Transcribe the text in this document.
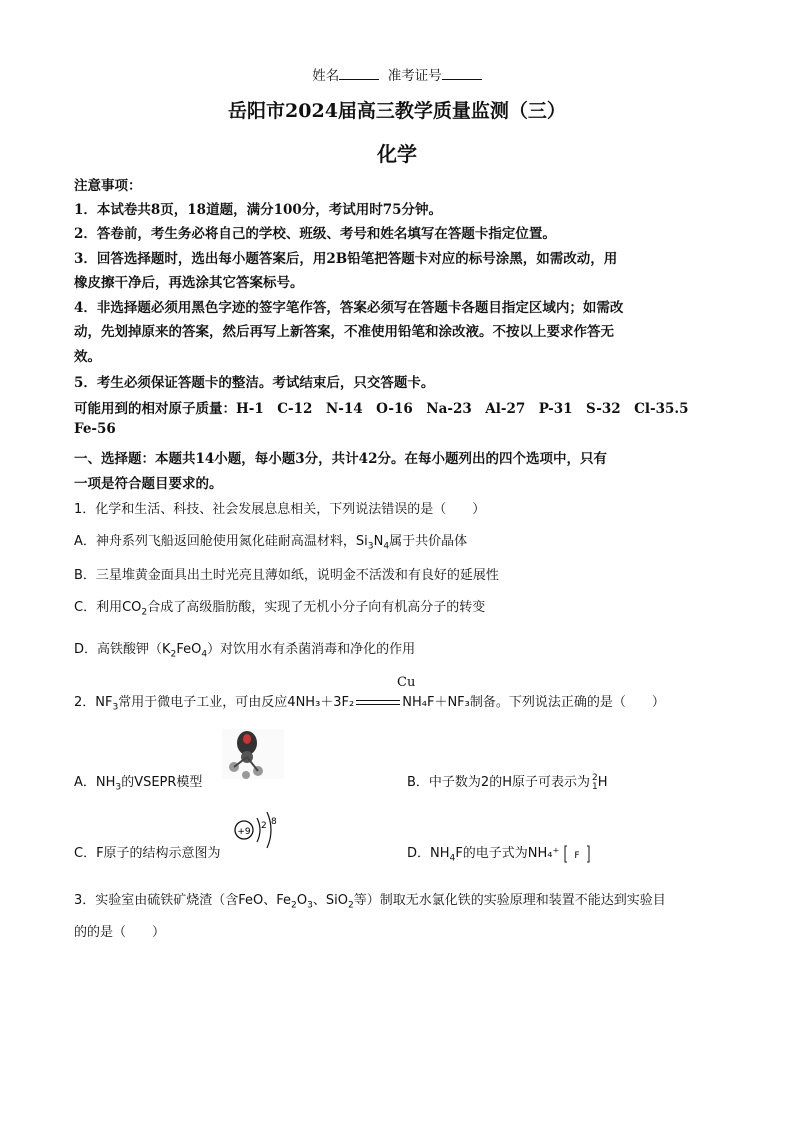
姓名	准考证号
岳阳市2024届高三教学质量监测（三）
化学
注意事项：
1．本试卷共8页，18道题，满分100分，考试用时75分钟。
2．答卷前，考生务必将自己的学校、班级、考号和姓名填写在答题卡指定位置。
3．回答选择题时，选出每小题答案后，用2B铅笔把答题卡对应的标号涂黑，如需改动，用
橡皮擦干净后，再选涂其它答案标号。
4．非选择题必须用黑色字迹的签字笔作答，答案必须写在答题卡各题目指定区域内；如需改
动，先划掉原来的答案，然后再写上新答案，不准使用铅笔和涂改液。不按以上要求作答无
效。
5．考生必须保证答题卡的整洁。考试结束后，只交答题卡。
可能用到的相对原子质量：H-1　C-12　N-14　O-16　Na-23　Al-27　P-31　S-32　Cl-35.5
Fe-56
一、选择题：本题共14小题，每小题3分，共计42分。在每小题列出的四个选项中，只有
一项是符合题目要求的。
1．化学和生活、科技、社会发展息息相关，下列说法错误的是（　　）
A．神舟系列飞船返回舱使用氮化硅耐高温材料，$Si_3N_4$属于共价晶体
B．三星堆黄金面具出土时光亮且薄如纸，说明金不活泼和有良好的延展性
C．利用$CO_2$合成了高级脂肪酸，实现了无机小分子向有机高分子的转变
D．高铁酸钾$(K_2FeO_4)$对饮用水有杀菌消毒和净化的作用
Cu
2．$NF_3$常用于微电子工业，可由反应4NH₃＋3F₂	NH₄F＋NF₃制备。下列说法正确的是（　　）
A．$NH_3$的VSEPR模型	B．中子数为2的H原子可表示为 2
1 H
+9
2 8
C．F原子的结构示意图为	D．$NH_4F$的电子式为NH₄⁺ F
3．实验室由硫铁矿烧渣（含FeO、$Fe_2O_3$、SiO$_2$等）制取无水氯化铁的实验原理和装置不能达到实验目
的的是（　　）
